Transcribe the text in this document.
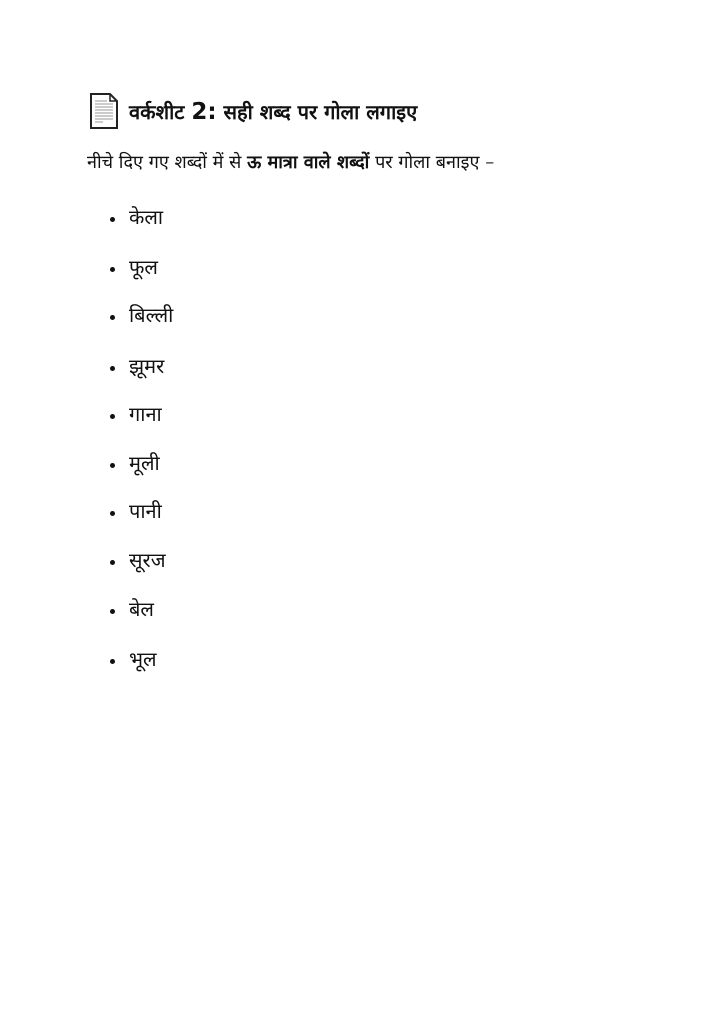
वर्कशीट 2: सही शब्द पर गोला लगाइए
नीचे दिए गए शब्दों में से ऊ मात्रा वाले शब्दों पर गोला बनाइए –
केला
फूल
बिल्ली
झूमर
गाना
मूली
पानी
सूरज
बेल
भूल
